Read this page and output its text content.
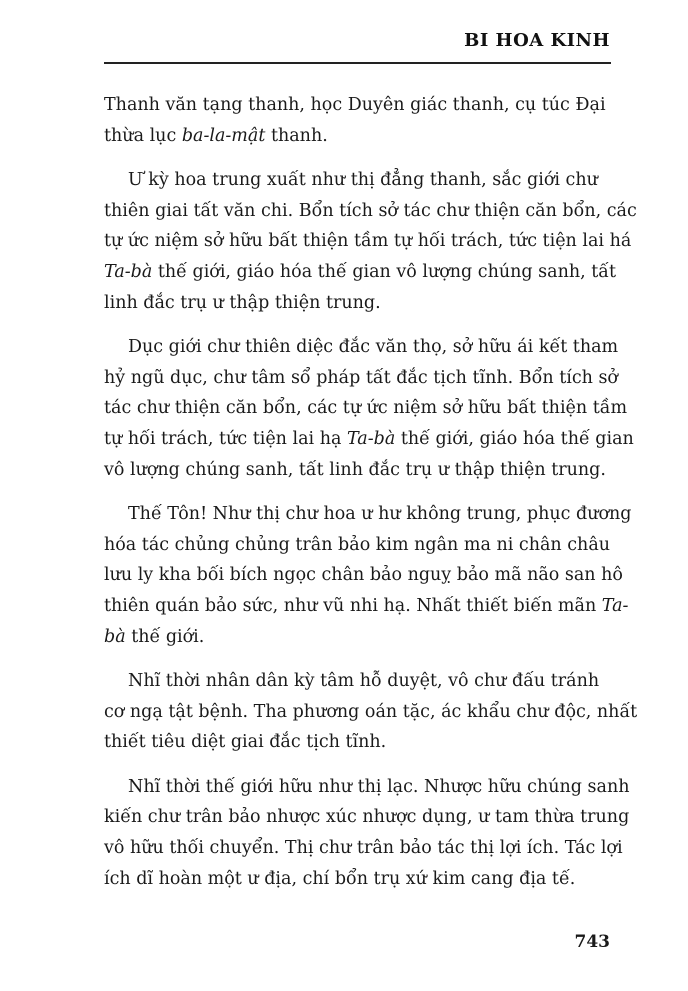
BI HOA KINH

Thanh văn tạng thanh, học Duyên giác thanh, cụ túc Đại
thừa lục ba-la-mật thanh.

Ư kỳ hoa trung xuất như thị đẳng thanh, sắc giới chư
thiên giai tất văn chi. Bổn tích sở tác chư thiện căn bổn, các
tự ức niệm sở hữu bất thiện tầm tự hối trách, tức tiện lai há
Ta-bà thế giới, giáo hóa thế gian vô lượng chúng sanh, tất
linh đắc trụ ư thập thiện trung.

Dục giới chư thiên diệc đắc văn thọ, sở hữu ái kết tham
hỷ ngũ dục, chư tâm sổ pháp tất đắc tịch tĩnh. Bổn tích sở
tác chư thiện căn bổn, các tự ức niệm sở hữu bất thiện tầm
tự hối trách, tức tiện lai hạ Ta-bà thế giới, giáo hóa thế gian
vô lượng chúng sanh, tất linh đắc trụ ư thập thiện trung.

Thế Tôn! Như thị chư hoa ư hư không trung, phục đương
hóa tác chủng chủng trân bảo kim ngân ma ni chân châu
lưu ly kha bối bích ngọc chân bảo nguỵ bảo mã não san hô
thiên quán bảo sức, như vũ nhi hạ. Nhất thiết biến mãn Ta-
bà thế giới.

Nhĩ thời nhân dân kỳ tâm hỗ duyệt, vô chư đấu tránh
cơ ngạ tật bệnh. Tha phương oán tặc, ác khẩu chư độc, nhất
thiết tiêu diệt giai đắc tịch tĩnh.

Nhĩ thời thế giới hữu như thị lạc. Nhược hữu chúng sanh
kiến chư trân bảo nhược xúc nhược dụng, ư tam thừa trung
vô hữu thối chuyển. Thị chư trân bảo tác thị lợi ích. Tác lợi
ích dĩ hoàn một ư địa, chí bổn trụ xứ kim cang địa tế.

743
